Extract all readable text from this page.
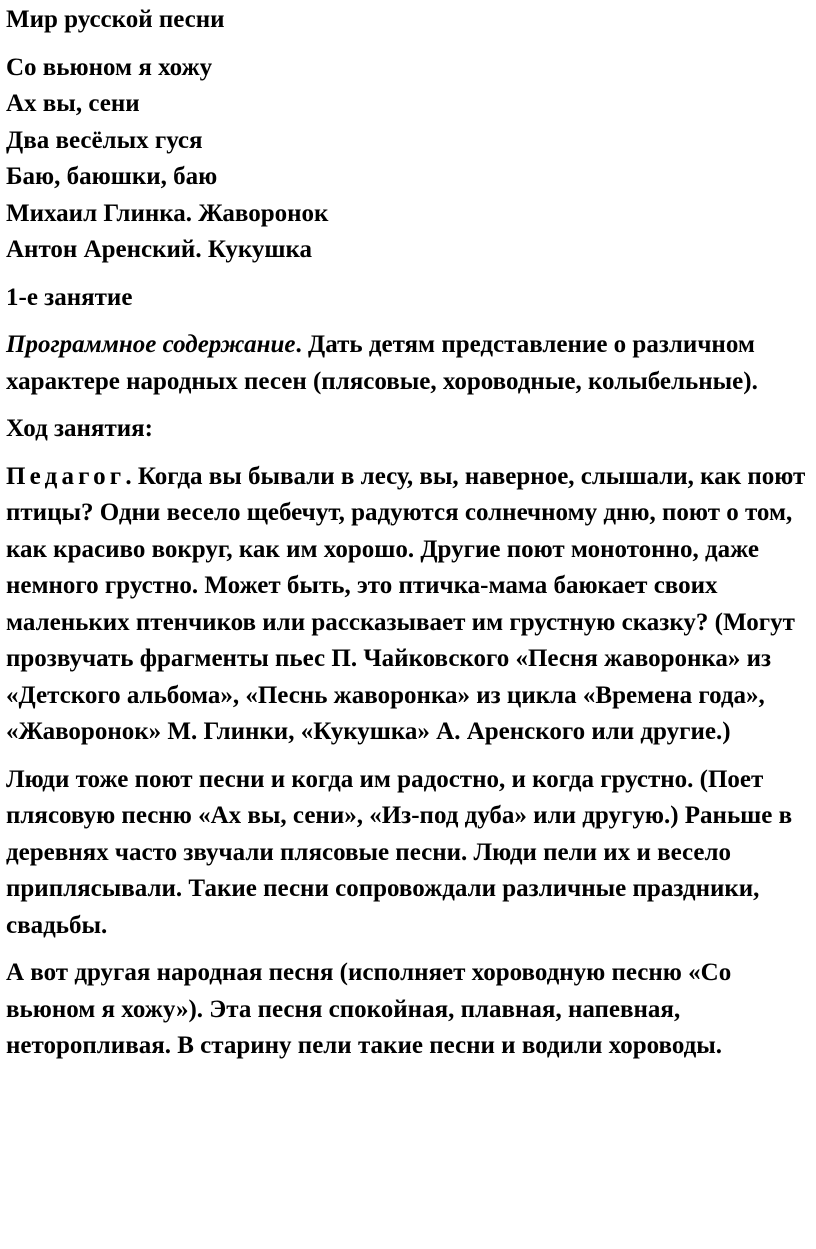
Мир русской песни
Со вьюном я хожу
Ах вы, сени
Два весёлых гуся
Баю, баюшки, баю
Михаил Глинка. Жаворонок
Антон Аренский. Кукушка
1-е занятие
Программное содержание. Дать детям представление о различном характере народных песен (плясовые, хороводные, колыбельные).
Ход занятия:
Педагог. Когда вы бывали в лесу, вы, наверное, слышали, как поют птицы? Одни весело щебечут, радуются солнечному дню, поют о том, как красиво вокруг, как им хорошо. Другие поют монотонно, даже немного грустно. Может быть, это птичка-мама баюкает своих маленьких птенчиков или рассказывает им грустную сказку? (Могут прозвучать фрагменты пьес П. Чайковского «Песня жаворонка» из «Детского альбома», «Песнь жаворонка» из цикла «Времена года», «Жаворонок» М. Глинки, «Кукушка» А. Аренского или другие.)
Люди тоже поют песни и когда им радостно, и когда грустно. (Поет плясовую песню «Ах вы, сени», «Из-под дуба» или другую.) Раньше в деревнях часто звучали плясовые песни. Люди пели их и весело приплясывали. Такие песни сопровождали различные праздники, свадьбы.
А вот другая народная песня (исполняет хороводную песню «Со вьюном я хожу»). Эта песня спокойная, плавная, напевная, неторопливая. В старину пели такие песни и водили хороводы.
